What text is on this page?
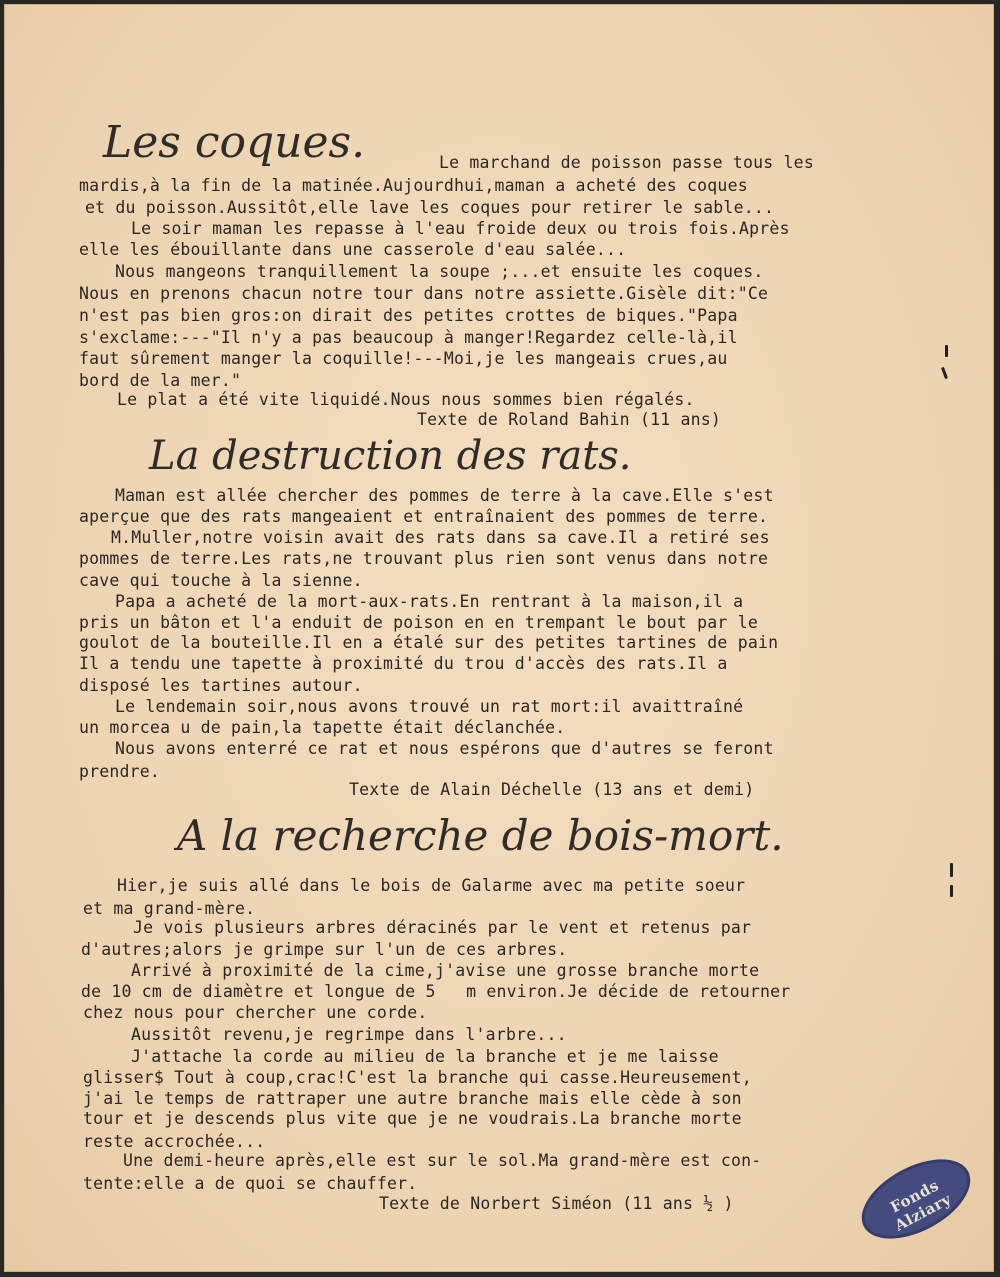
Les coques.	Le marchand de poisson passe tous les
mardis,à la fin de la matinée.Aujourdhui,maman a acheté des coques
et du poisson.Aussitôt,elle lave les coques pour retirer le sable...
Le soir maman les repasse à l'eau froide deux ou trois fois.Après
elle les ébouillante dans une casserole d'eau salée...
Nous mangeons tranquillement la soupe ;...et ensuite les coques.
Nous en prenons chacun notre tour dans notre assiette.Gisèle dit:"Ce
n'est pas bien gros:on dirait des petites crottes de biques."Papa
s'exclame:---"Il n'y a pas beaucoup à manger!Regardez celle-là,il
faut sûrement manger la coquille!---Moi,je les mangeais crues,au
bord de la mer."
Le plat a été vite liquidé.Nous nous sommes bien régalés.
Texte de Roland Bahin (11 ans)
La destruction des rats.
Maman est allée chercher des pommes de terre à la cave.Elle s'est
aperçue que des rats mangeaient et entraînaient des pommes de terre.
M.Muller,notre voisin avait des rats dans sa cave.Il a retiré ses
pommes de terre.Les rats,ne trouvant plus rien sont venus dans notre
cave qui touche à la sienne.
Papa a acheté de la mort-aux-rats.En rentrant à la maison,il a
pris un bâton et l'a enduit de poison en en trempant le bout par le
goulot de la bouteille.Il en a étalé sur des petites tartines de pain
Il a tendu une tapette à proximité du trou d'accès des rats.Il a
disposé les tartines autour.
Le lendemain soir,nous avons trouvé un rat mort:il avaittraîné
un morcea u de pain,la tapette était déclanchée.
Nous avons enterré ce rat et nous espérons que d'autres se feront
prendre.
Texte de Alain Déchelle (13 ans et demi)
A la recherche de bois-mort.
Hier,je suis allé dans le bois de Galarme avec ma petite soeur
et ma grand-mère.
Je vois plusieurs arbres déracinés par le vent et retenus par
d'autres;alors je grimpe sur l'un de ces arbres.
Arrivé à proximité de la cime,j'avise une grosse branche morte
de 10 cm de diamètre et longue de 5   m environ.Je décide de retourner
chez nous pour chercher une corde.
Aussitôt revenu,je regrimpe dans l'arbre...
J'attache la corde au milieu de la branche et je me laisse
glisser$ Tout à coup,crac!C'est la branche qui casse.Heureusement,
j'ai le temps de rattraper une autre branche mais elle cède à son
tour et je descends plus vite que je ne voudrais.La branche morte
reste accrochée...
Une demi-heure après,elle est sur le sol.Ma grand-mère est con-
tente:elle a de quoi se chauffer.
Texte de Norbert Siméon (11 ans ½ )	Fonds Alziary
